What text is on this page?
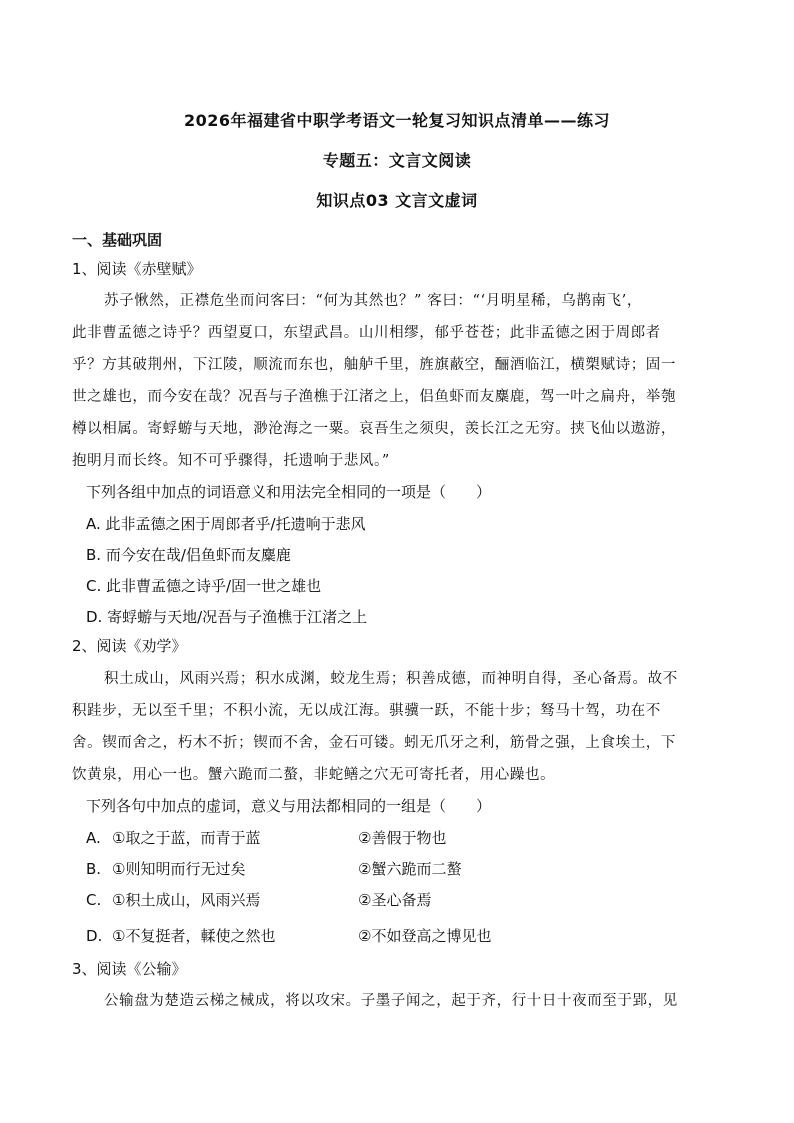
2026年福建省中职学考语文一轮复习知识点清单——练习
专题五：文言文阅读
知识点03 文言文虚词
一、基础巩固
1、阅读《赤壁赋》
苏子愀然，正襟危坐而问客曰：“何为其然也？” 客曰：“‘月明星稀，乌鹊南飞’，
此非曹孟德之诗乎？西望夏口，东望武昌。山川相缪，郁乎苍苍；此非孟德之困于周郎者
乎？方其破荆州，下江陵，顺流而东也，舳舻千里，旌旗蔽空，酾酒临江，横槊赋诗；固一
世之雄也，而今安在哉？况吾与子渔樵于江渚之上，侣鱼虾而友麋鹿，驾一叶之扁舟，举匏
樽以相属。寄蜉蝣与天地，渺沧海之一粟。哀吾生之须臾，羡长江之无穷。挟飞仙以遨游，
抱明月而长终。知不可乎骤得，托遗响于悲风。”
下列各组中加点的词语意义和用法完全相同的一项是（　　）
A. 此非孟德之困于周郎者乎/托遗响于悲风
B. 而今安在哉/侣鱼虾而友麋鹿
C. 此非曹孟德之诗乎/固一世之雄也
D. 寄蜉蝣与天地/况吾与子渔樵于江渚之上
2、阅读《劝学》
积土成山，风雨兴焉；积水成渊，蛟龙生焉；积善成德，而神明自得，圣心备焉。故不
积跬步，无以至千里；不积小流，无以成江海。骐骥一跃，不能十步；驽马十驾，功在不
舍。锲而舍之，朽木不折；锲而不舍，金石可镂。蚓无爪牙之利，筋骨之强，上食埃土，下
饮黄泉，用心一也。蟹六跪而二螯，非蛇鳝之穴无可寄托者，用心躁也。
下列各句中加点的虚词，意义与用法都相同的一组是（　　）
A. ①取之于蓝，而青于蓝	②善假于物也
B. ①则知明而行无过矣	②蟹六跪而二螯
C. ①积土成山，风雨兴焉	②圣心备焉
D. ①不复挺者，輮使之然也	②不如登高之博见也
3、阅读《公输》
公输盘为楚造云梯之械成，将以攻宋。子墨子闻之，起于齐，行十日十夜而至于郢，见
